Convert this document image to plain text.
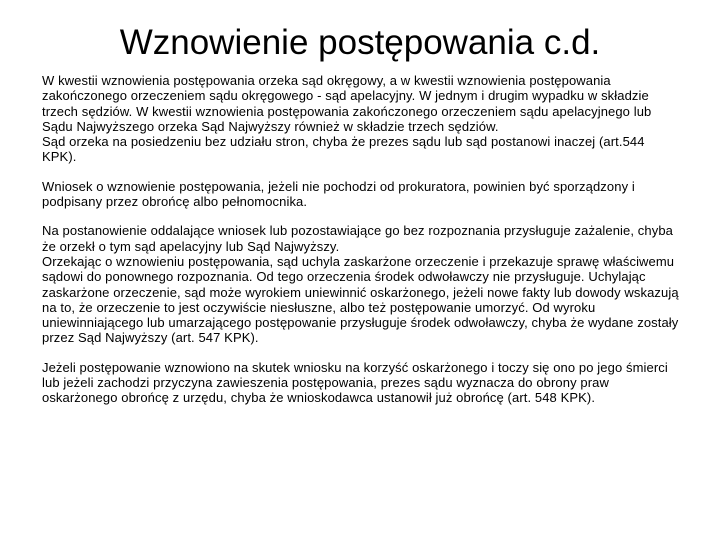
Wznowienie postępowania c.d.

W kwestii wznowienia postępowania orzeka sąd okręgowy, a w kwestii wznowienia postępowania zakończonego orzeczeniem sądu okręgowego - sąd apelacyjny. W jednym i drugim wypadku w składzie trzech sędziów. W kwestii wznowienia postępowania zakończonego orzeczeniem sądu apelacyjnego lub Sądu Najwyższego orzeka Sąd Najwyższy również w składzie trzech sędziów.

Sąd orzeka na posiedzeniu bez udziału stron, chyba że prezes sądu lub sąd postanowi inaczej (art.544 KPK).

Wniosek o wznowienie postępowania, jeżeli nie pochodzi od prokuratora, powinien być sporządzony i podpisany przez obrońcę albo pełnomocnika.

Na postanowienie oddalające wniosek lub pozostawiające go bez rozpoznania przysługuje zażalenie, chyba że orzekł o tym sąd apelacyjny lub Sąd Najwyższy.

Orzekając o wznowieniu postępowania, sąd uchyla zaskarżone orzeczenie i przekazuje sprawę właściwemu sądowi do ponownego rozpoznania. Od tego orzeczenia środek odwoławczy nie przysługuje. Uchylając zaskarżone orzeczenie, sąd może wyrokiem uniewinnić oskarżonego, jeżeli nowe fakty lub dowody wskazują na to, że orzeczenie to jest oczywiście niesłuszne, albo też postępowanie umorzyć. Od wyroku uniewinniającego lub umarzającego postępowanie przysługuje środek odwoławczy, chyba że wydane zostały przez Sąd Najwyższy (art. 547 KPK).

Jeżeli postępowanie wznowiono na skutek wniosku na korzyść oskarżonego i toczy się ono po jego śmierci lub jeżeli zachodzi przyczyna zawieszenia postępowania, prezes sądu wyznacza do obrony praw oskarżonego obrońcę z urzędu, chyba że wnioskodawca ustanowił już obrońcę (art. 548 KPK).
